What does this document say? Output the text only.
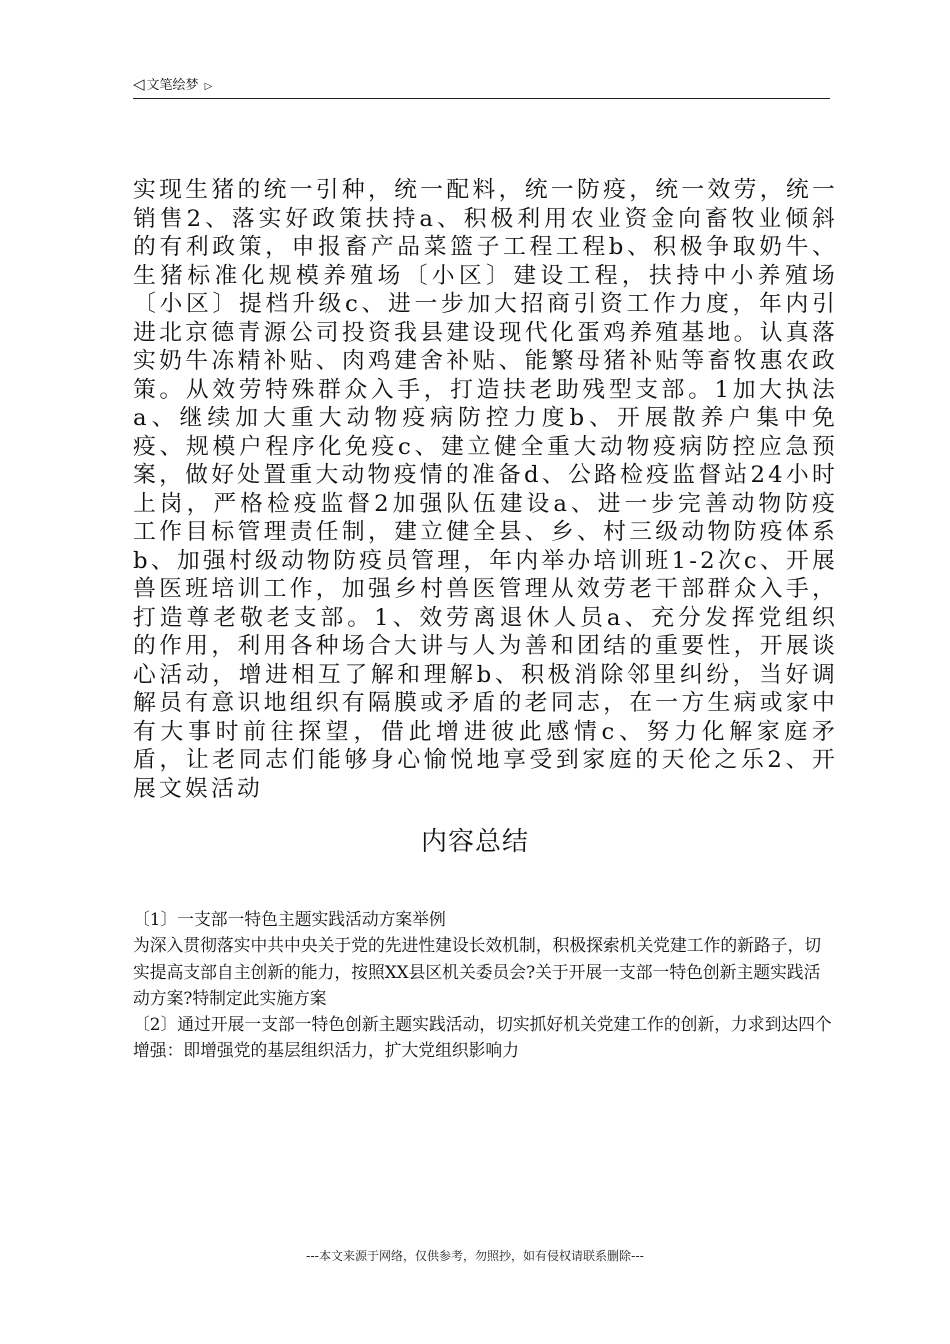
◁ 文笔绘梦 ▷
实现生猪的统一引种，统一配料，统一防疫，统一效劳，统一销售2、落实好政策扶持a、积极利用农业资金向畜牧业倾斜的有利政策，申报畜产品菜篮子工程工程b、积极争取奶牛、生猪标准化规模养殖场〔小区〕建设工程，扶持中小养殖场〔小区〕提档升级c、进一步加大招商引资工作力度，年内引进北京德青源公司投资我县建设现代化蛋鸡养殖基地。认真落实奶牛冻精补贴、肉鸡建舍补贴、能繁母猪补贴等畜牧惠农政策。从效劳特殊群众入手，打造扶老助残型支部。1加大执法a、继续加大重大动物疫病防控力度b、开展散养户集中免疫、规模户程序化免疫c、建立健全重大动物疫病防控应急预案，做好处置重大动物疫情的准备d、公路检疫监督站24小时上岗，严格检疫监督2加强队伍建设a、进一步完善动物防疫工作目标管理责任制，建立健全县、乡、村三级动物防疫体系b、加强村级动物防疫员管理，年内举办培训班1-2次c、开展兽医班培训工作，加强乡村兽医管理从效劳老干部群众入手，打造尊老敬老支部。1、效劳离退休人员a、充分发挥党组织的作用，利用各种场合大讲与人为善和团结的重要性，开展谈心活动，增进相互了解和理解b、积极消除邻里纠纷，当好调解员有意识地组织有隔膜或矛盾的老同志，在一方生病或家中有大事时前往探望，借此增进彼此感情c、努力化解家庭矛盾，让老同志们能够身心愉悦地享受到家庭的天伦之乐2、开展文娱活动
内容总结

〔1〕一支部一特色主题实践活动方案举例

为深入贯彻落实中共中央关于党的先进性建设长效机制，积极探索机关党建工作的新路子，切实提高支部自主创新的能力，按照XX县区机关委员会?关于开展一支部一特色创新主题实践活动方案?特制定此实施方案

〔2〕通过开展一支部一特色创新主题实践活动，切实抓好机关党建工作的创新，力求到达四个增强：即增强党的基层组织活力，扩大党组织影响力

---本文来源于网络，仅供参考，勿照抄，如有侵权请联系删除---
